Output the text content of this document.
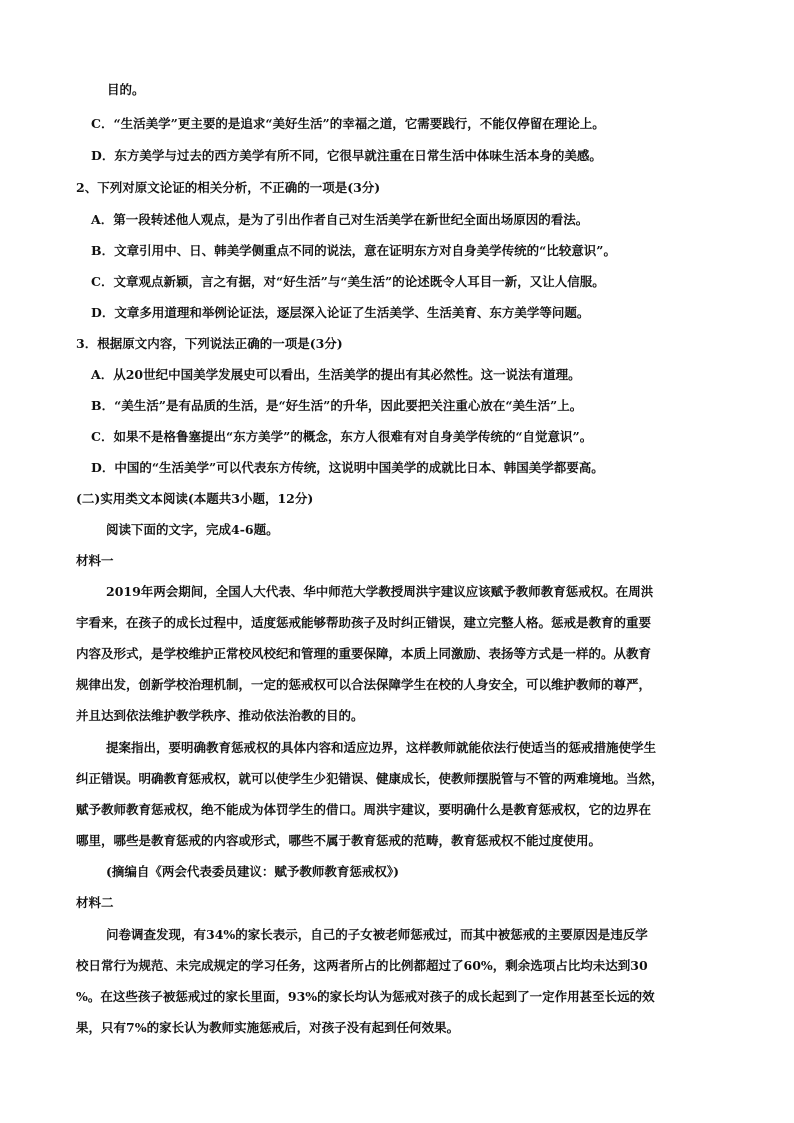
目的。
C．“生活美学”更主要的是追求“美好生活”的幸福之道，它需要践行，不能仅停留在理论上。
D．东方美学与过去的西方美学有所不同，它很早就注重在日常生活中体味生活本身的美感。
2、下列对原文论证的相关分析，不正确的一项是(3分)
A．第一段转述他人观点，是为了引出作者自己对生活美学在新世纪全面出场原因的看法。
B．文章引用中、日、韩美学侧重点不同的说法，意在证明东方对自身美学传统的“比较意识”。
C．文章观点新颖，言之有据，对“好生活”与“美生活”的论述既令人耳目一新，又让人信服。
D．文章多用道理和举例论证法，逐层深入论证了生活美学、生活美育、东方美学等问题。
3．根据原文内容，下列说法正确的一项是(3分)
A．从20世纪中国美学发展史可以看出，生活美学的提出有其必然性。这一说法有道理。
B．“美生活”是有品质的生活，是“好生活”的升华，因此要把关注重心放在“美生活”上。
C．如果不是格鲁塞提出“东方美学”的概念，东方人很难有对自身美学传统的“自觉意识”。
D．中国的“生活美学”可以代表东方传统，这说明中国美学的成就比日本、韩国美学都要高。
(二)实用类文本阅读(本题共3小题，12分)
阅读下面的文字，完成4-6题。
材料一
2019年两会期间，全国人大代表、华中师范大学教授周洪宇建议应该赋予教师教育惩戒权。在周洪
宇看来，在孩子的成长过程中，适度惩戒能够帮助孩子及时纠正错误，建立完整人格。惩戒是教育的重要
内容及形式，是学校维护正常校风校纪和管理的重要保障，本质上同激励、表扬等方式是一样的。从教育
规律出发，创新学校治理机制，一定的惩戒权可以合法保障学生在校的人身安全，可以维护教师的尊严，
并且达到依法维护教学秩序、推动依法治教的目的。
提案指出，要明确教育惩戒权的具体内容和适应边界，这样教师就能依法行使适当的惩戒措施使学生
纠正错误。明确教育惩戒权，就可以使学生少犯错误、健康成长，使教师摆脱管与不管的两难境地。当然，
赋予教师教育惩戒权，绝不能成为体罚学生的借口。周洪宇建议，要明确什么是教育惩戒权，它的边界在
哪里，哪些是教育惩戒的内容或形式，哪些不属于教育惩戒的范畴，教育惩戒权不能过度使用。
(摘编自《两会代表委员建议：赋予教师教育惩戒权》)
材料二
问卷调查发现，有34%的家长表示，自己的子女被老师惩戒过，而其中被惩戒的主要原因是违反学
校日常行为规范、未完成规定的学习任务，这两者所占的比例都超过了60%，剩余选项占比均未达到30
%。在这些孩子被惩戒过的家长里面，93%的家长均认为惩戒对孩子的成长起到了一定作用甚至长远的效
果，只有7%的家长认为教师实施惩戒后，对孩子没有起到任何效果。
